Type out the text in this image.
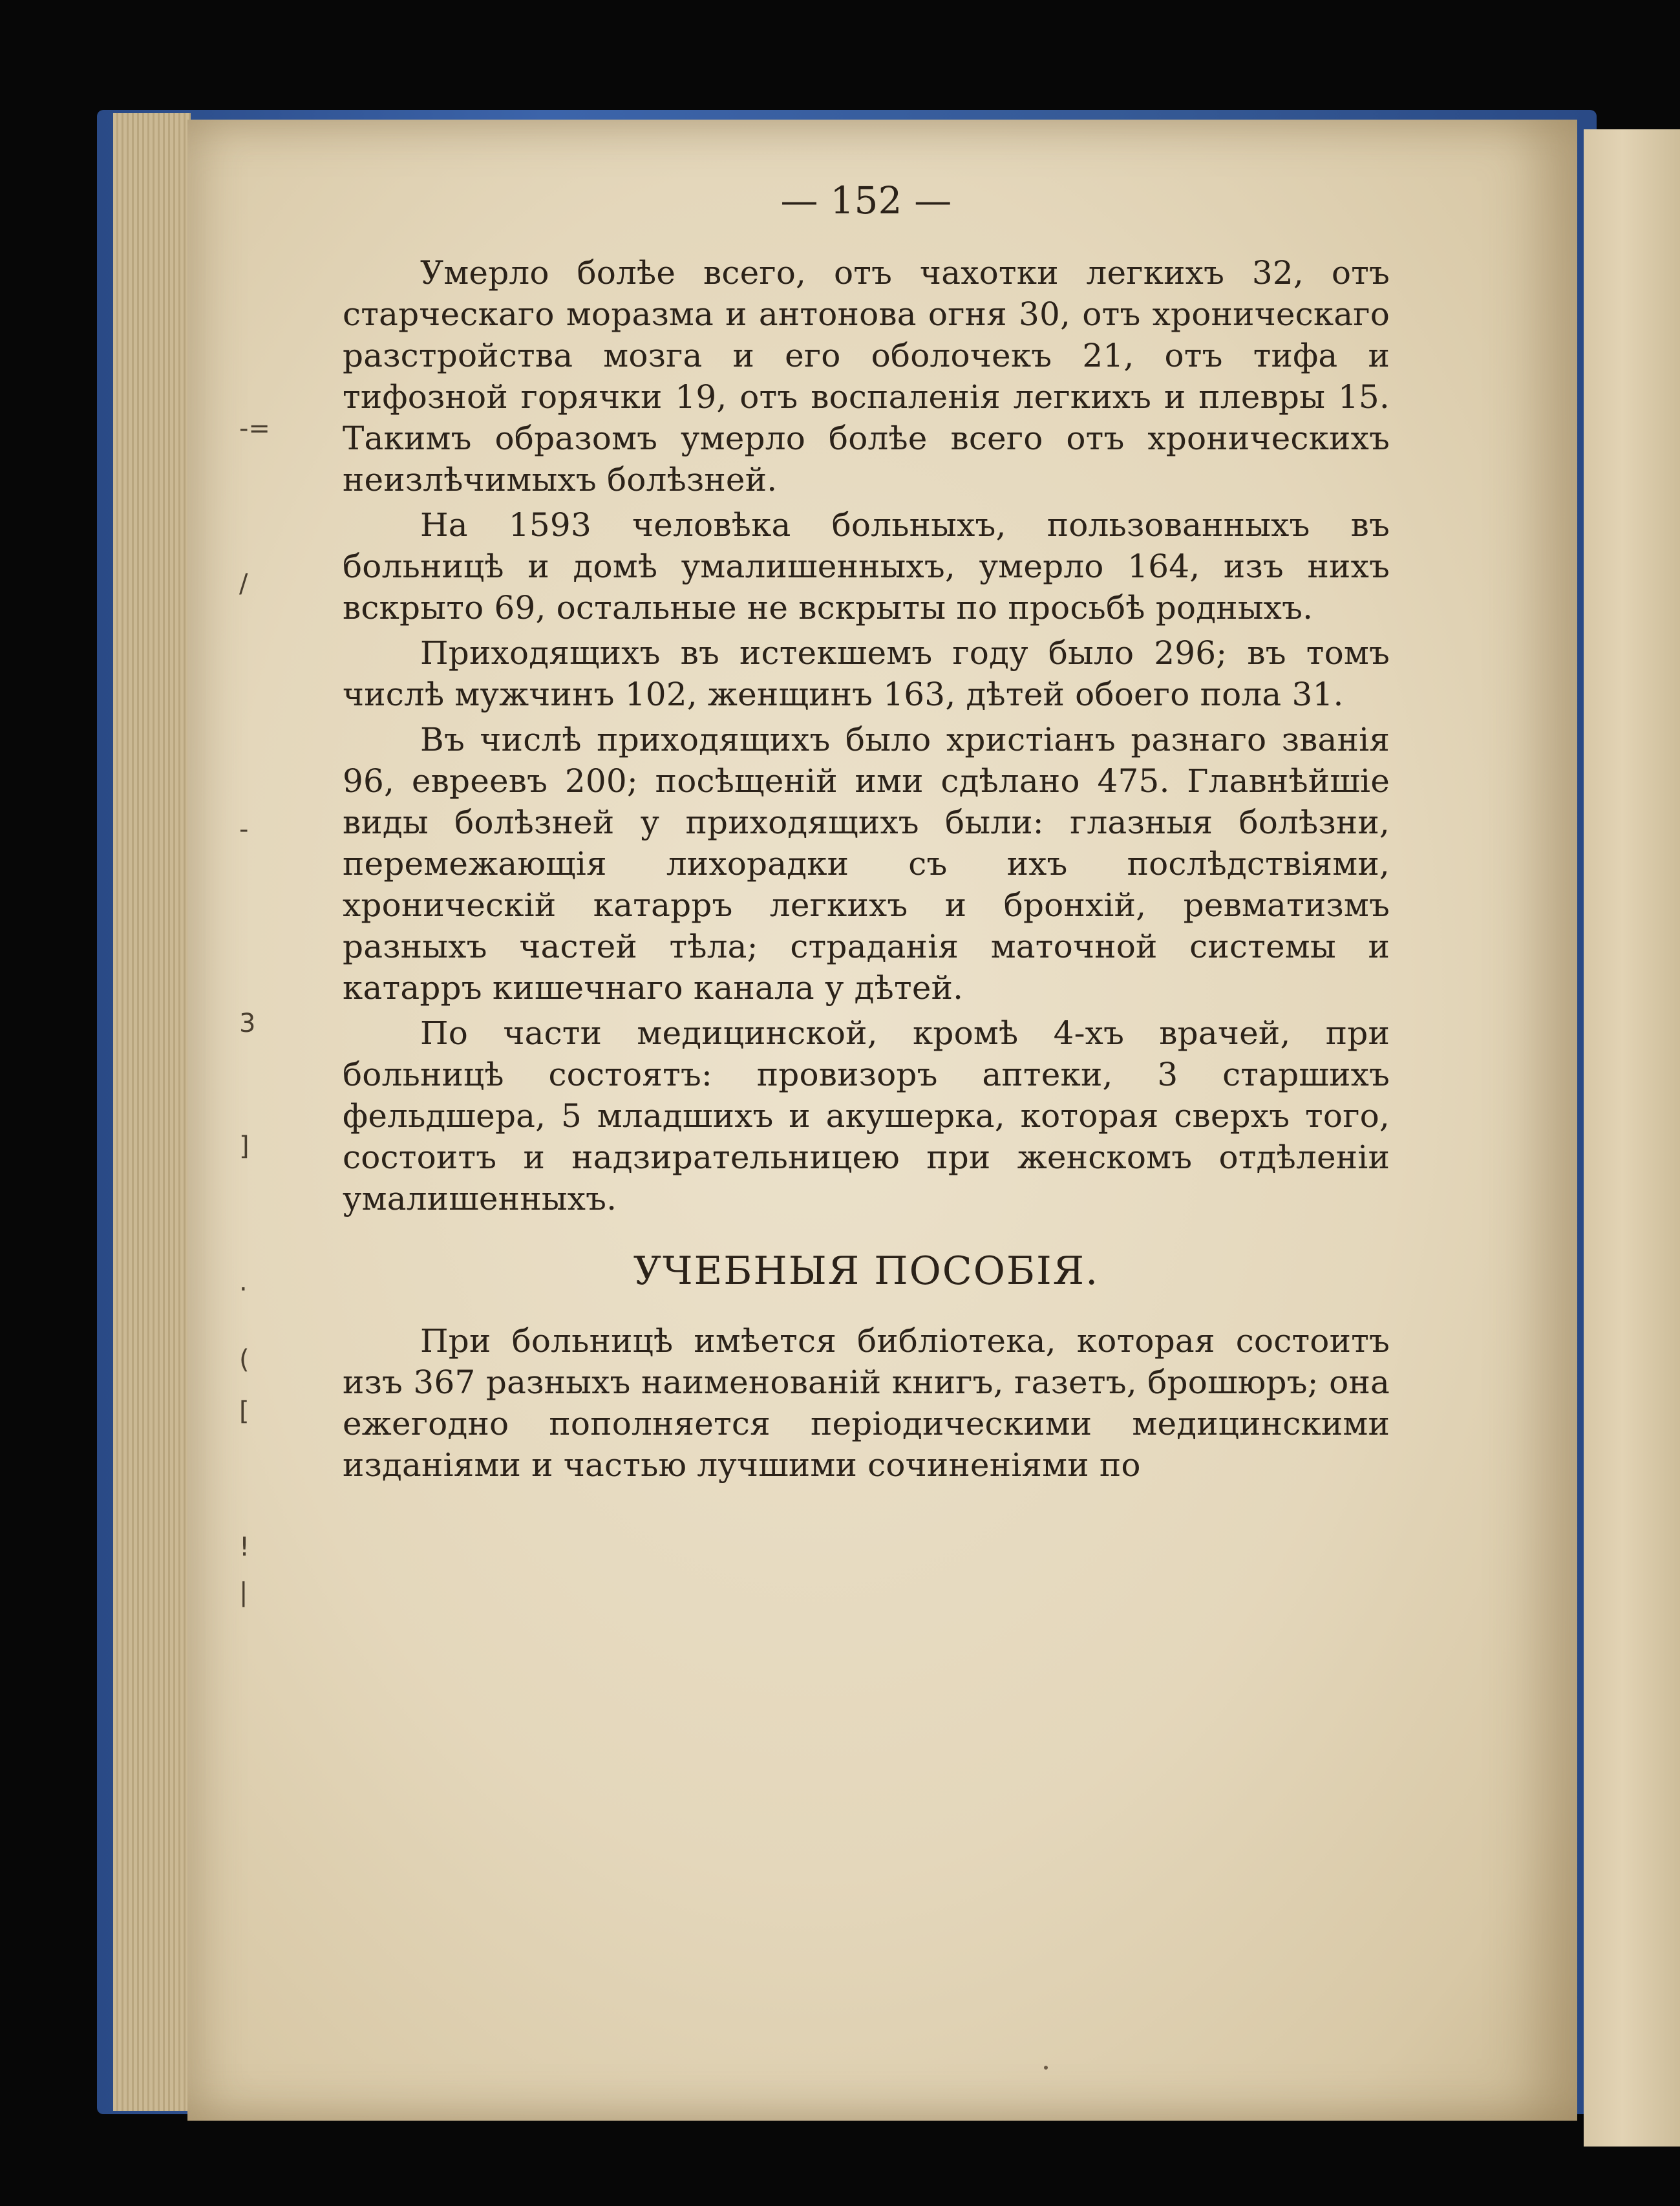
-=
/
-
3
]
.
(
[
!
|
— 152 —

Умерло болѣе всего, отъ чахотки легкихъ 32, отъ старческаго моразма и антонова огня 30, отъ хроническаго разстройства мозга и его оболочекъ 21, отъ тифа и тифозной горячки 19, отъ воспаленія легкихъ и плевры 15. Такимъ образомъ умерло болѣе всего отъ хроническихъ неизлѣчимыхъ болѣзней.

На 1593 человѣка больныхъ, пользованныхъ въ больницѣ и домѣ умалишенныхъ, умерло 164, изъ нихъ вскрыто 69, остальные не вскрыты по просьбѣ родныхъ.

Приходящихъ въ истекшемъ году было 296; въ томъ числѣ мужчинъ 102, женщинъ 163, дѣтей обоего пола 31.

Въ числѣ приходящихъ было христіанъ разнаго званія 96, евреевъ 200; посѣщеній ими сдѣлано 475. Главнѣйшіе виды болѣзней у приходящихъ были: глазныя болѣзни, перемежающія лихорадки съ ихъ послѣдствіями, хроническій катарръ легкихъ и бронхій, ревматизмъ разныхъ частей тѣла; страданія маточной системы и катарръ кишечнаго канала у дѣтей.

По части медицинской, кромѣ 4-хъ врачей, при больницѣ состоятъ: провизоръ аптеки, 3 старшихъ фельдшера, 5 младшихъ и акушерка, которая сверхъ того, состоитъ и надзирательницею при женскомъ отдѣленіи умалишенныхъ.

УЧЕБНЫЯ ПОСОБІЯ.

При больницѣ имѣется библіотека, которая состоитъ изъ 367 разныхъ наименованій книгъ, газетъ, брошюръ; она ежегодно пополняется періодическими медицинскими изданіями и частью лучшими сочиненіями по
